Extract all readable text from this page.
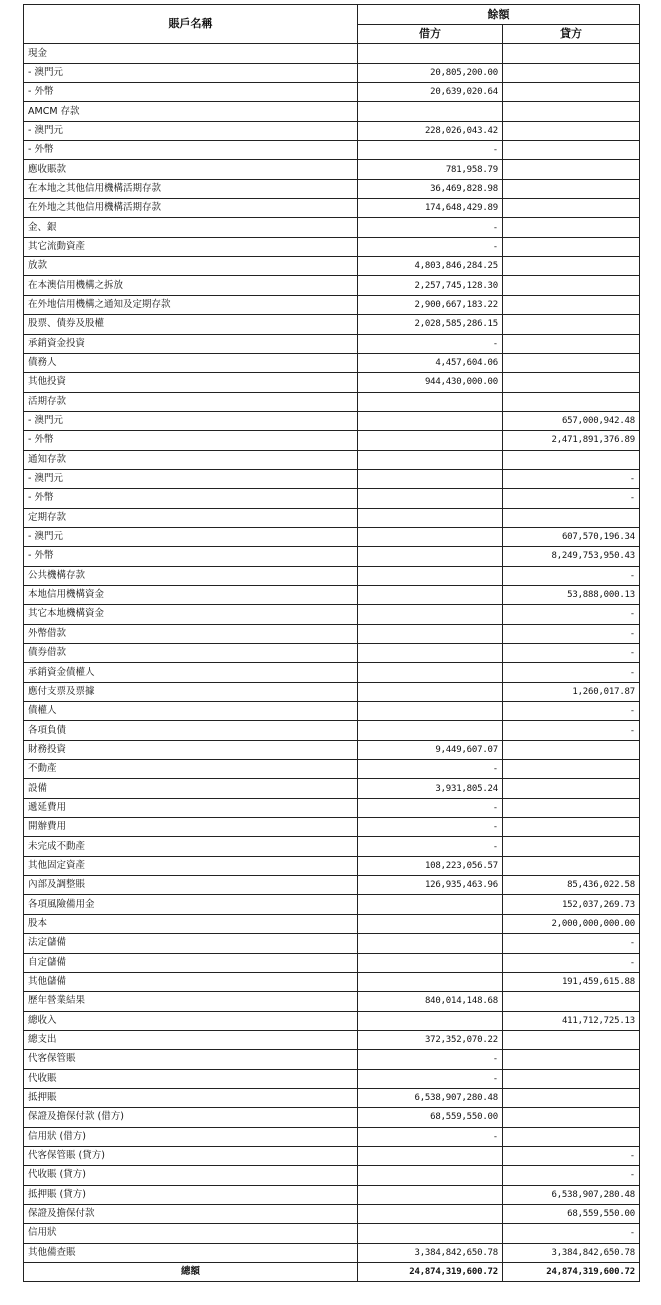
賬戶名稱	餘額	
	借方	貸方
現金		
- 澳門元	20,805,200.00	
- 外幣	20,639,020.64	
AMCM 存款		
- 澳門元	228,026,043.42	
- 外幣	-	
應收賬款	781,958.79	
在本地之其他信用機構活期存款	36,469,828.98	
在外地之其他信用機構活期存款	174,648,429.89	
金、銀	-	
其它流動資產	-	
放款	4,803,846,284.25	
在本澳信用機構之拆放	2,257,745,128.30	
在外地信用機構之通知及定期存款	2,900,667,183.22	
股票、債券及股權	2,028,585,286.15	
承銷資金投資	-	
債務人	4,457,604.06	
其他投資	944,430,000.00	
活期存款		
- 澳門元		657,000,942.48
- 外幣		2,471,891,376.89
通知存款		
- 澳門元		-
- 外幣		-
定期存款		
- 澳門元		607,570,196.34
- 外幣		8,249,753,950.43
公共機構存款		-
本地信用機構資金		53,888,000.13
其它本地機構資金		-
外幣借款		-
債券借款		-
承銷資金債權人		-
應付支票及票據		1,260,017.87
債權人		-
各項負債		-
財務投資	9,449,607.07	
不動產	-	
設備	3,931,805.24	
遞延費用	-	
開辦費用	-	
未完成不動產	-	
其他固定資產	108,223,056.57	
內部及調整賬	126,935,463.96	85,436,022.58
各項風險備用金		152,037,269.73
股本		2,000,000,000.00
法定儲備		-
自定儲備		-
其他儲備		191,459,615.88
歷年營業結果	840,014,148.68	
總收入		411,712,725.13
總支出	372,352,070.22	
代客保管賬	-	
代收賬	-	
抵押賬	6,538,907,280.48	
保證及擔保付款 (借方)	68,559,550.00	
信用狀 (借方)	-	
代客保管賬 (貸方)		-
代收賬 (貸方)		-
抵押賬 (貸方)		6,538,907,280.48
保證及擔保付款		68,559,550.00
信用狀		-
其他備查賬	3,384,842,650.78	3,384,842,650.78
總額	24,874,319,600.72	24,874,319,600.72
